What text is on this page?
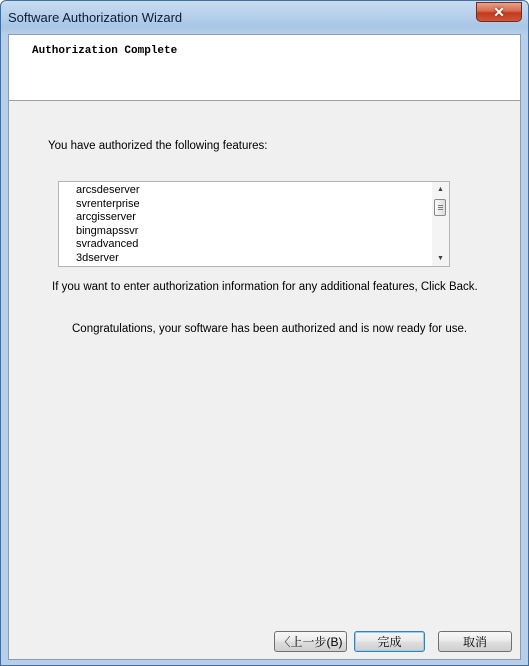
Software Authorization Wizard	✕
Authorization Complete
You have authorized the following features:
arcsdeserver
svrenterprise
arcgisserver
bingmapssvr
svradvanced
3dserver
▲
▼
If you want to enter authorization information for any additional features, Click Back.
Congratulations, your software has been authorized and is now ready for use.
〈上一步(B)	完成	取消
